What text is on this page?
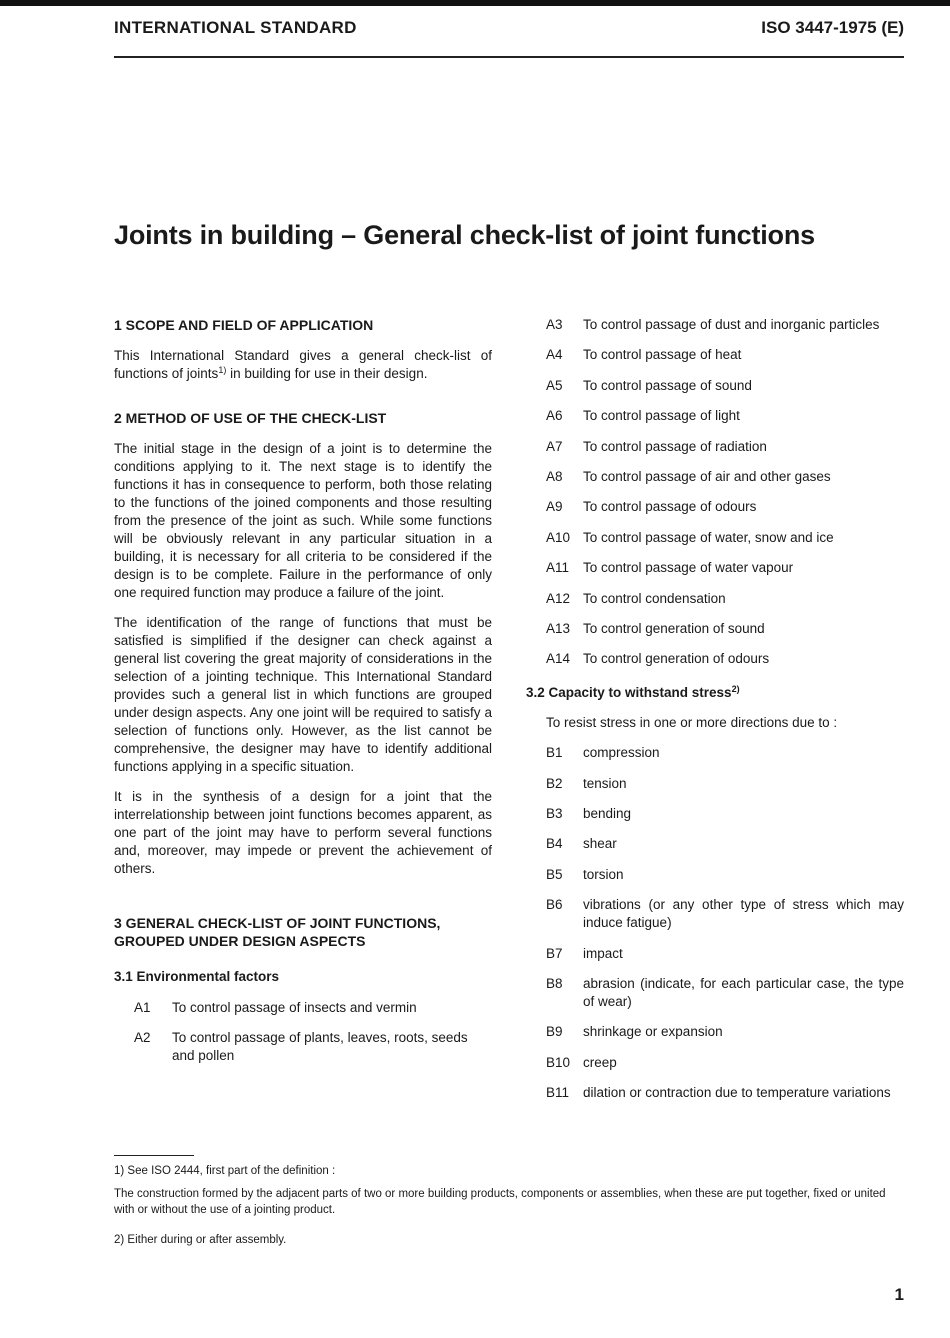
INTERNATIONAL STANDARD	ISO 3447-1975 (E)
Joints in building – General check-list of joint functions

1 SCOPE AND FIELD OF APPLICATION

This International Standard gives a general check-list of functions of joints$^{1)}$ in building for use in their design.

2 METHOD OF USE OF THE CHECK-LIST

The initial stage in the design of a joint is to determine the conditions applying to it. The next stage is to identify the functions it has in consequence to perform, both those relating to the functions of the joined components and those resulting from the presence of the joint as such. While some functions will be obviously relevant in any particular situation in a building, it is necessary for all criteria to be considered if the design is to be complete. Failure in the performance of only one required function may produce a failure of the joint.

The identification of the range of functions that must be satisfied is simplified if the designer can check against a general list covering the great majority of considerations in the selection of a jointing technique. This International Standard provides such a general list in which functions are grouped under design aspects. Any one joint will be required to satisfy a selection of functions only. However, as the list cannot be comprehensive, the designer may have to identify additional functions applying in a specific situation.

It is in the synthesis of a design for a joint that the interrelationship between joint functions becomes apparent, as one part of the joint may have to perform several functions and, moreover, may impede or prevent the achievement of others.

3 GENERAL CHECK-LIST OF JOINT FUNCTIONS, GROUPED UNDER DESIGN ASPECTS

3.1 Environmental factors

A1	To control passage of insects and vermin
A2	To control passage of plants, leaves, roots, seeds and pollen
A3	To control passage of dust and inorganic particles
A4	To control passage of heat
A5	To control passage of sound
A6	To control passage of light
A7	To control passage of radiation
A8	To control passage of air and other gases
A9	To control passage of odours
A10 To control passage of water, snow and ice
A11	To control passage of water vapour
A12 To control condensation
A13 To control generation of sound
A14 To control generation of odours

3.2 Capacity to withstand stress$^{2)}$

To resist stress in one or more directions due to :

B1	compression
B2	tension
B3	bending
B4	shear
B5	torsion
B6	vibrations (or any other type of stress which may induce fatigue)
B7	impact
B8	abrasion (indicate, for each particular case, the type of wear)
B9	shrinkage or expansion
B10 creep
B11	dilation or contraction due to temperature variations

1) See ISO 2444, first part of the definition :

The construction formed by the adjacent parts of two or more building products, components or assemblies, when these are put together, fixed or united with or without the use of a jointing product.

2) Either during or after assembly.

1
